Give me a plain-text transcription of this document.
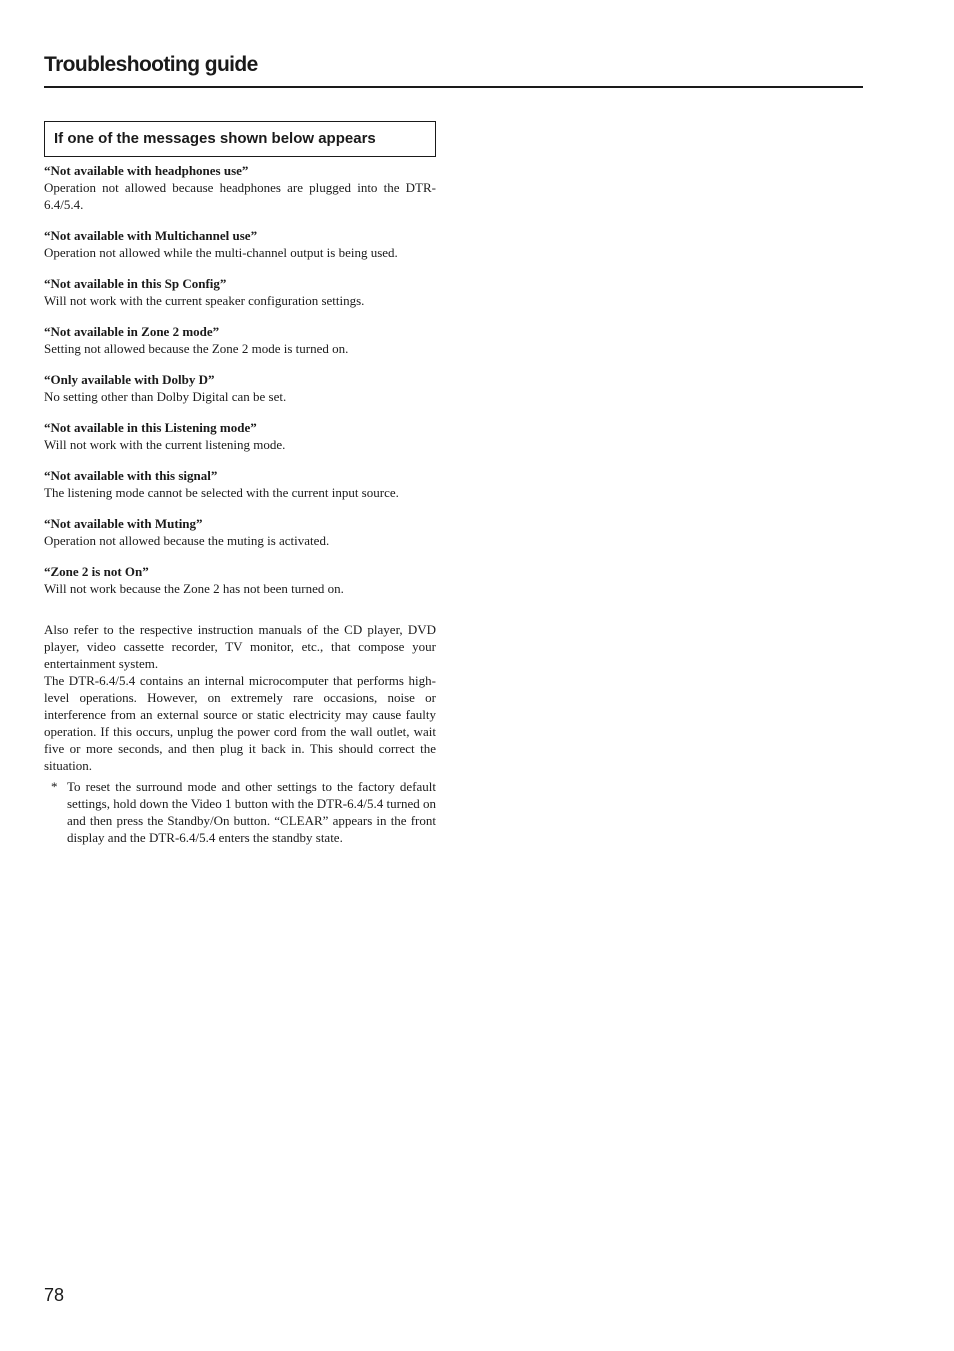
Troubleshooting guide
If one of the messages shown below appears
“Not available with headphones use”
Operation not allowed because headphones are plugged into the DTR-6.4/5.4.
“Not available with Multichannel use”
Operation not allowed while the multi-channel output is being used.
“Not available in this Sp Config”
Will not work with the current speaker configuration settings.
“Not available in Zone 2 mode”
Setting not allowed because the Zone 2 mode is turned on.
“Only available with Dolby D”
No setting other than Dolby Digital can be set.
“Not available in this Listening mode”
Will not work with the current listening mode.
“Not available with this signal”
The listening mode cannot be selected with the current input source.
“Not available with Muting”
Operation not allowed because the muting is activated.
“Zone 2 is not On”
Will not work because the Zone 2 has not been turned on.

Also refer to the respective instruction manuals of the CD player, DVD player, video cassette recorder, TV monitor, etc., that compose your entertainment system.

The DTR-6.4/5.4 contains an internal microcomputer that performs high-level operations. However, on extremely rare occasions, noise or interference from an external source or static electricity may cause faulty operation. If this occurs, unplug the power cord from the wall outlet, wait five or more seconds, and then plug it back in. This should correct the situation.

* To reset the surround mode and other settings to the factory default settings, hold down the Video 1 button with the DTR-6.4/5.4 turned on and then press the Standby/On button. “CLEAR” appears in the front display and the DTR-6.4/5.4 enters the standby state.

78
